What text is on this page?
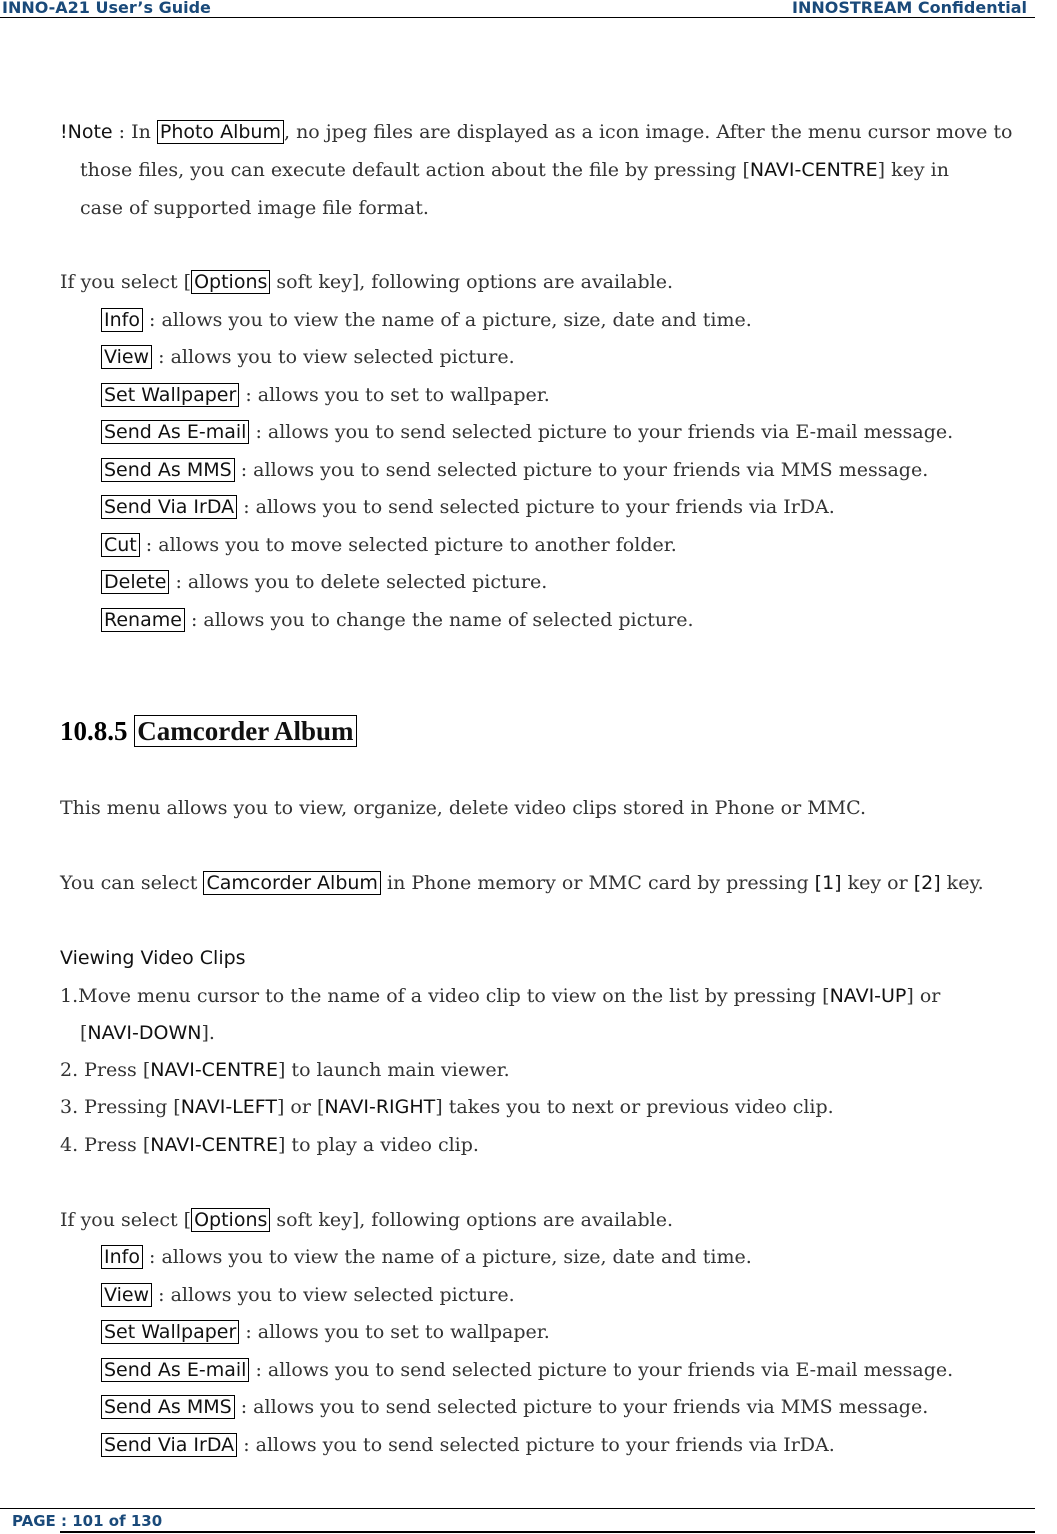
INNO-A21 User’s Guide	INNOSTREAM Confidential
!Note : In Photo Album , no jpeg files are displayed as a icon image. After the menu cursor move to
those files, you can execute default action about the file by pressing [NAVI-CENTRE] key in
case of supported image file format.
If you select [ Options soft key], following options are available.
Info : allows you to view the name of a picture, size, date and time.
View : allows you to view selected picture.
Set Wallpaper : allows you to set to wallpaper.
Send As E-mail : allows you to send selected picture to your friends via E-mail message.
Send As MMS : allows you to send selected picture to your friends via MMS message.
Send Via IrDA : allows you to send selected picture to your friends via IrDA.
Cut : allows you to move selected picture to another folder.
Delete : allows you to delete selected picture.
Rename : allows you to change the name of selected picture.
10.8.5 Camcorder Album
This menu allows you to view, organize, delete video clips stored in Phone or MMC.
You can select Camcorder Album in Phone memory or MMC card by pressing [1] key or [2] key.
Viewing Video Clips
1.Move menu cursor to the name of a video clip to view on the list by pressing [NAVI-UP] or
[NAVI-DOWN].
2. Press [NAVI-CENTRE] to launch main viewer.
3. Pressing [NAVI-LEFT] or [NAVI-RIGHT] takes you to next or previous video clip.
4. Press [NAVI-CENTRE] to play a video clip.
If you select [ Options soft key], following options are available.
Info : allows you to view the name of a picture, size, date and time.
View : allows you to view selected picture.
Set Wallpaper : allows you to set to wallpaper.
Send As E-mail : allows you to send selected picture to your friends via E-mail message.
Send As MMS : allows you to send selected picture to your friends via MMS message.
Send Via IrDA : allows you to send selected picture to your friends via IrDA.
PAGE : 101 of 130
